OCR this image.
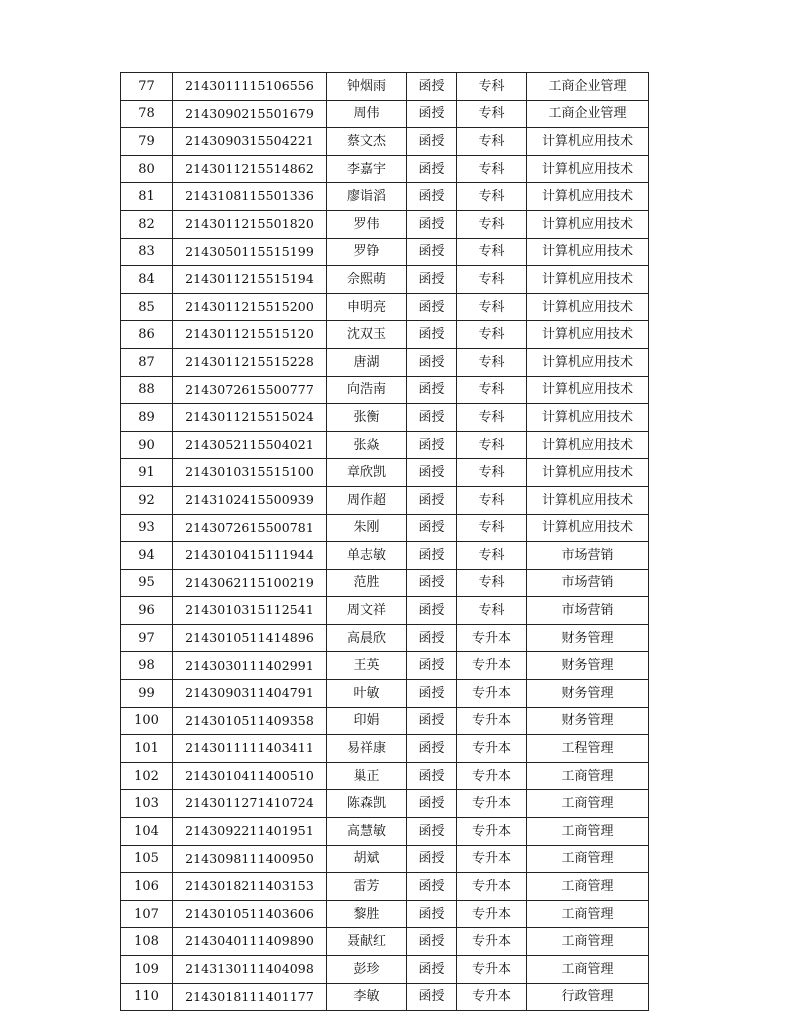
77	2143011115106556	钟烟雨	函授	专科	工商企业管理
78	2143090215501679	周伟	函授	专科	工商企业管理
79	2143090315504221	蔡文杰	函授	专科	计算机应用技术
80	2143011215514862	李嘉宇	函授	专科	计算机应用技术
81	2143108115501336	廖诣滔	函授	专科	计算机应用技术
82	2143011215501820	罗伟	函授	专科	计算机应用技术
83	2143050115515199	罗铮	函授	专科	计算机应用技术
84	2143011215515194	佘熙萌	函授	专科	计算机应用技术
85	2143011215515200	申明亮	函授	专科	计算机应用技术
86	2143011215515120	沈双玉	函授	专科	计算机应用技术
87	2143011215515228	唐湖	函授	专科	计算机应用技术
88	2143072615500777	向浩南	函授	专科	计算机应用技术
89	2143011215515024	张衡	函授	专科	计算机应用技术
90	2143052115504021	张焱	函授	专科	计算机应用技术
91	2143010315515100	章欣凯	函授	专科	计算机应用技术
92	2143102415500939	周作超	函授	专科	计算机应用技术
93	2143072615500781	朱刚	函授	专科	计算机应用技术
94	2143010415111944	单志敏	函授	专科	市场营销
95	2143062115100219	范胜	函授	专科	市场营销
96	2143010315112541	周文祥	函授	专科	市场营销
97	2143010511414896	高晨欣	函授	专升本	财务管理
98	2143030111402991	王英	函授	专升本	财务管理
99	2143090311404791	叶敏	函授	专升本	财务管理
100	2143010511409358	印娟	函授	专升本	财务管理
101	2143011111403411	易祥康	函授	专升本	工程管理
102	2143010411400510	巢正	函授	专升本	工商管理
103	2143011271410724	陈森凯	函授	专升本	工商管理
104	2143092211401951	高慧敏	函授	专升本	工商管理
105	2143098111400950	胡斌	函授	专升本	工商管理
106	2143018211403153	雷芳	函授	专升本	工商管理
107	2143010511403606	黎胜	函授	专升本	工商管理
108	2143040111409890	聂献红	函授	专升本	工商管理
109	2143130111404098	彭珍	函授	专升本	工商管理
110	2143018111401177	李敏	函授	专升本	行政管理
